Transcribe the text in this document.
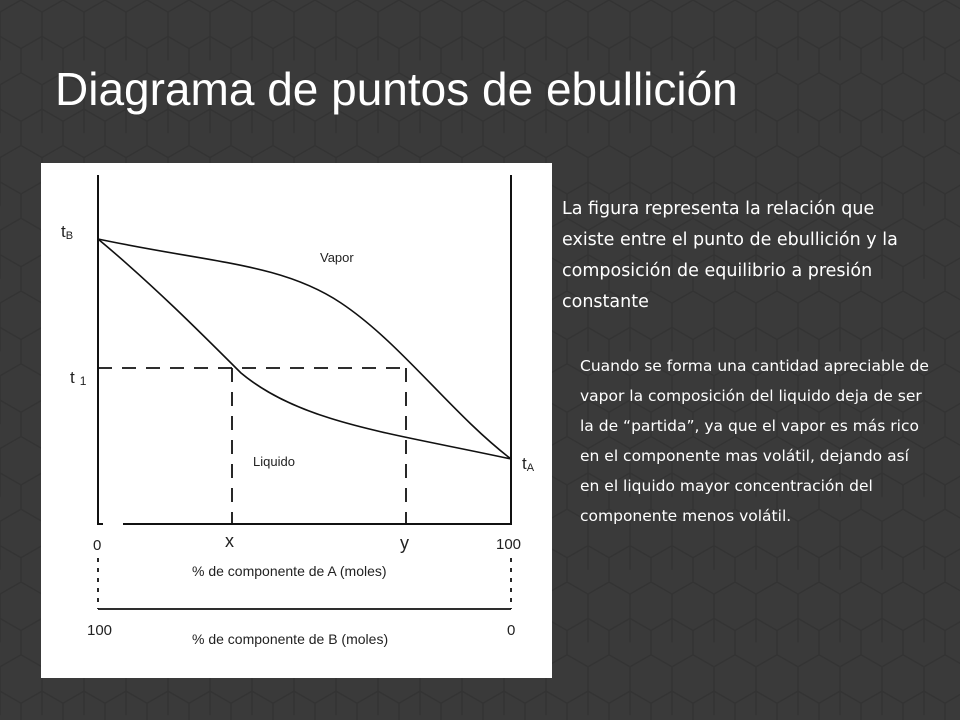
Diagrama de puntos de ebullición
tB
t 1
tA
Vapor
Liquido
0	x	y	100
% de componente de A (moles)
100	0
% de componente de B (moles)
La figura representa la relación que existe entre el punto de ebullición y la composición de equilibrio a presión constante
Cuando se forma una cantidad apreciable de vapor la composición del liquido deja de ser la de “partida”, ya que el vapor es más rico en el componente mas volátil, dejando así en el liquido mayor concentración del componente menos volátil.
